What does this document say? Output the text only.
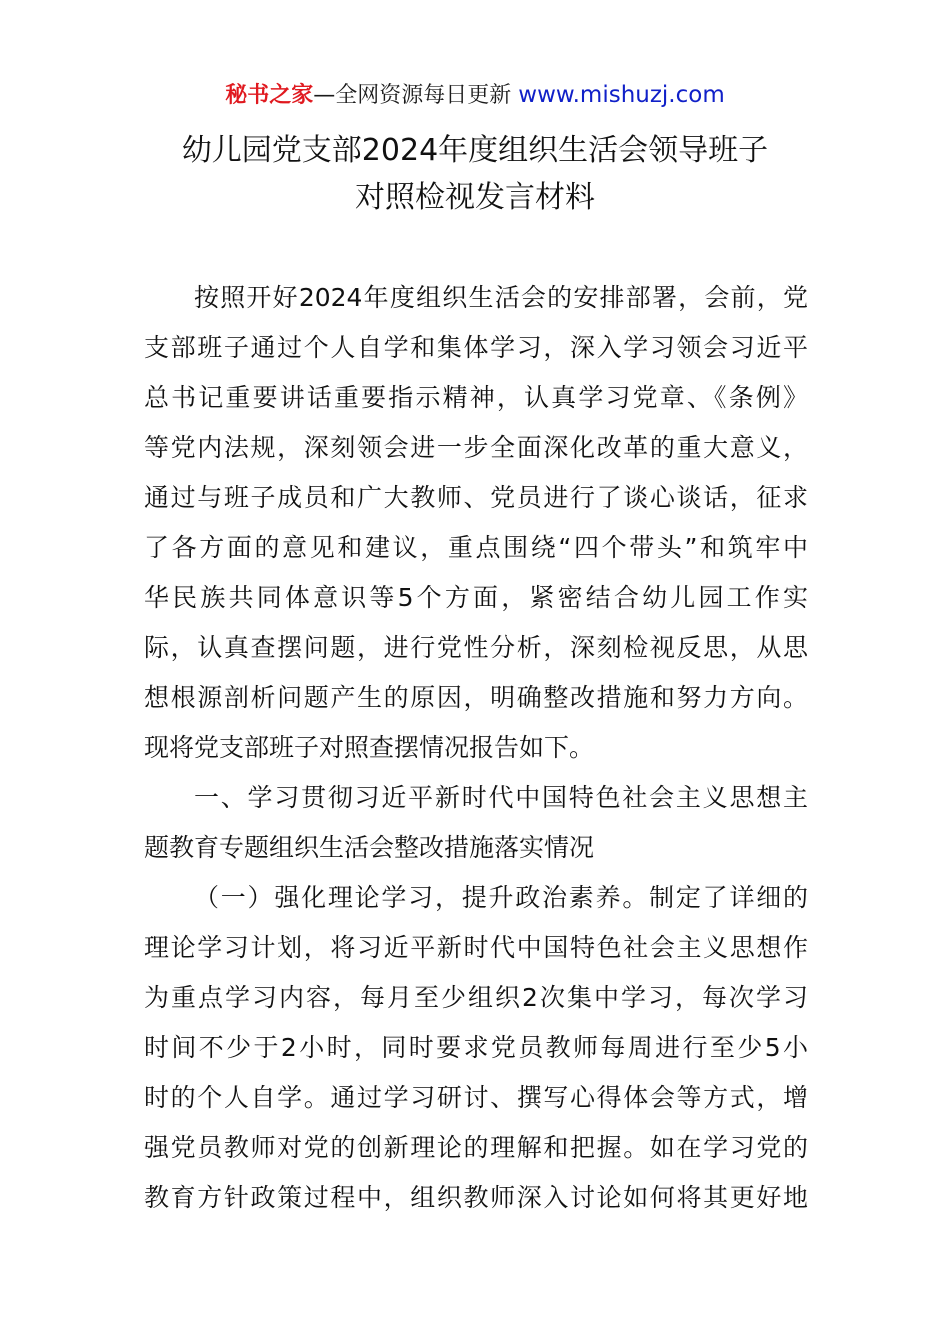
秘书之家—全网资源每日更新 www.mishuzj.com
幼儿园党支部2024年度组织生活会领导班子
对照检视发言材料
按照开好2024年度组织生活会的安排部署，会前，党
支部班子通过个人自学和集体学习，深入学习领会习近平
总书记重要讲话重要指示精神，认真学习党章、《条例》
等党内法规，深刻领会进一步全面深化改革的重大意义，
通过与班子成员和广大教师、党员进行了谈心谈话，征求
了各方面的意见和建议，重点围绕“四个带头”和筑牢中
华民族共同体意识等5个方面，紧密结合幼儿园工作实
际，认真查摆问题，进行党性分析，深刻检视反思，从思
想根源剖析问题产生的原因，明确整改措施和努力方向。
现将党支部班子对照查摆情况报告如下。
一、学习贯彻习近平新时代中国特色社会主义思想主
题教育专题组织生活会整改措施落实情况
（一）强化理论学习，提升政治素养。制定了详细的
理论学习计划，将习近平新时代中国特色社会主义思想作
为重点学习内容，每月至少组织2次集中学习，每次学习
时间不少于2小时，同时要求党员教师每周进行至少5小
时的个人自学。通过学习研讨、撰写心得体会等方式，增
强党员教师对党的创新理论的理解和把握。如在学习党的
教育方针政策过程中，组织教师深入讨论如何将其更好地
